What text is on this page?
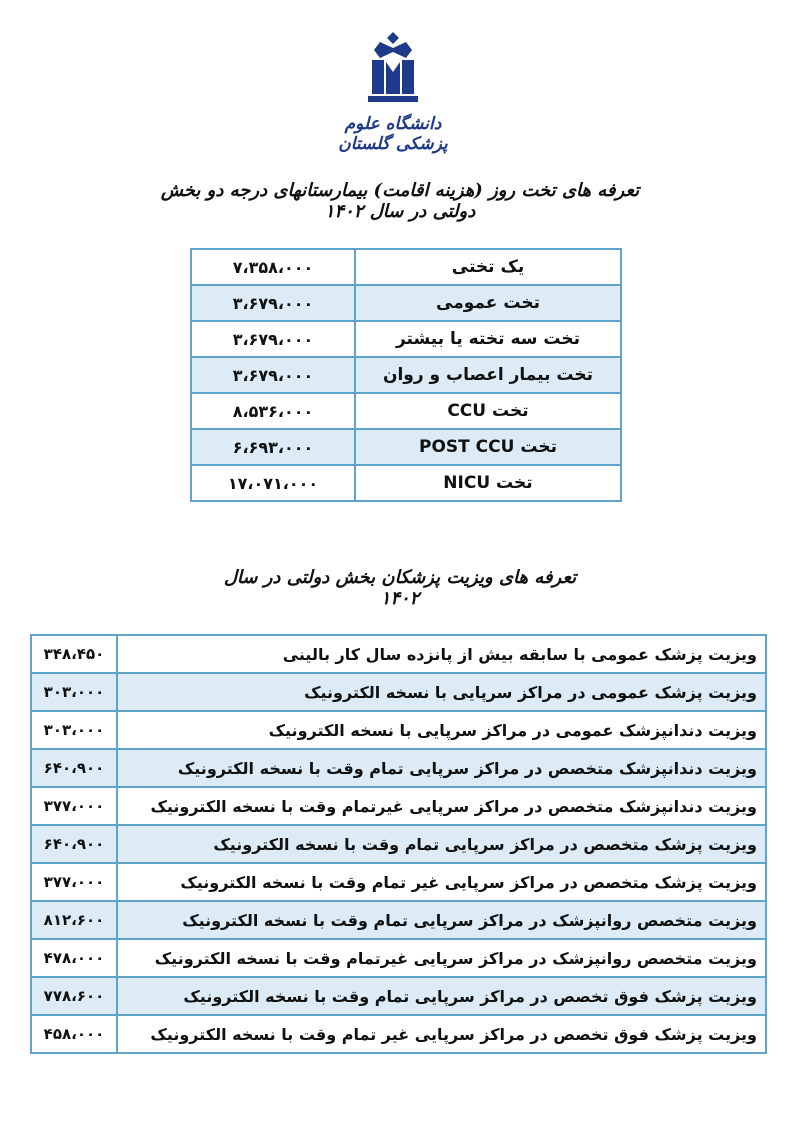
دانشگاه علوم پزشکی گلستان
تعرفه های تخت روز (هزینه اقامت) بیمارستانهای درجه دو بخش دولتی در سال ۱۴۰۲
یک تختی	۷،۳۵۸،۰۰۰
تخت عمومی	۳،۶۷۹،۰۰۰
تخت سه تخته یا بیشتر	۳،۶۷۹،۰۰۰
تخت بیمار اعصاب و روان	۳،۶۷۹،۰۰۰
تخت CCU	۸،۵۳۶،۰۰۰
تخت POST CCU	۶،۶۹۳،۰۰۰
تخت NICU	۱۷،۰۷۱،۰۰۰
تعرفه های ویزیت پزشکان بخش دولتی در سال ۱۴۰۲
ویزیت پزشک عمومی با سابقه بیش از پانزده سال کار بالینی	۳۴۸،۴۵۰
ویزیت پزشک عمومی در مراکز سرپایی با نسخه الکترونیک	۳۰۳،۰۰۰
ویزیت دندانپزشک عمومی در مراکز سرپایی با نسخه الکترونیک	۳۰۳،۰۰۰
ویزیت دندانپزشک متخصص در مراکز سرپایی تمام وقت با نسخه الکترونیک	۶۴۰،۹۰۰
ویزیت دندانپزشک متخصص در مراکز سرپایی غیرتمام وقت با نسخه الکترونیک	۳۷۷،۰۰۰
ویزیت پزشک متخصص در مراکز سرپایی تمام وقت با نسخه الکترونیک	۶۴۰،۹۰۰
ویزیت پزشک متخصص در مراکز سرپایی غیر تمام وقت با نسخه الکترونیک	۳۷۷،۰۰۰
ویزیت متخصص روانپزشک در مراکز سرپایی تمام وقت با نسخه الکترونیک	۸۱۲،۶۰۰
ویزیت متخصص روانپزشک در مراکز سرپایی غیرتمام وقت با نسخه الکترونیک	۴۷۸،۰۰۰
ویزیت پزشک فوق تخصص در مراکز سرپایی تمام وقت با نسخه الکترونیک	۷۷۸،۶۰۰
ویزیت پزشک فوق تخصص در مراکز سرپایی غیر تمام وقت با نسخه الکترونیک	۴۵۸،۰۰۰
